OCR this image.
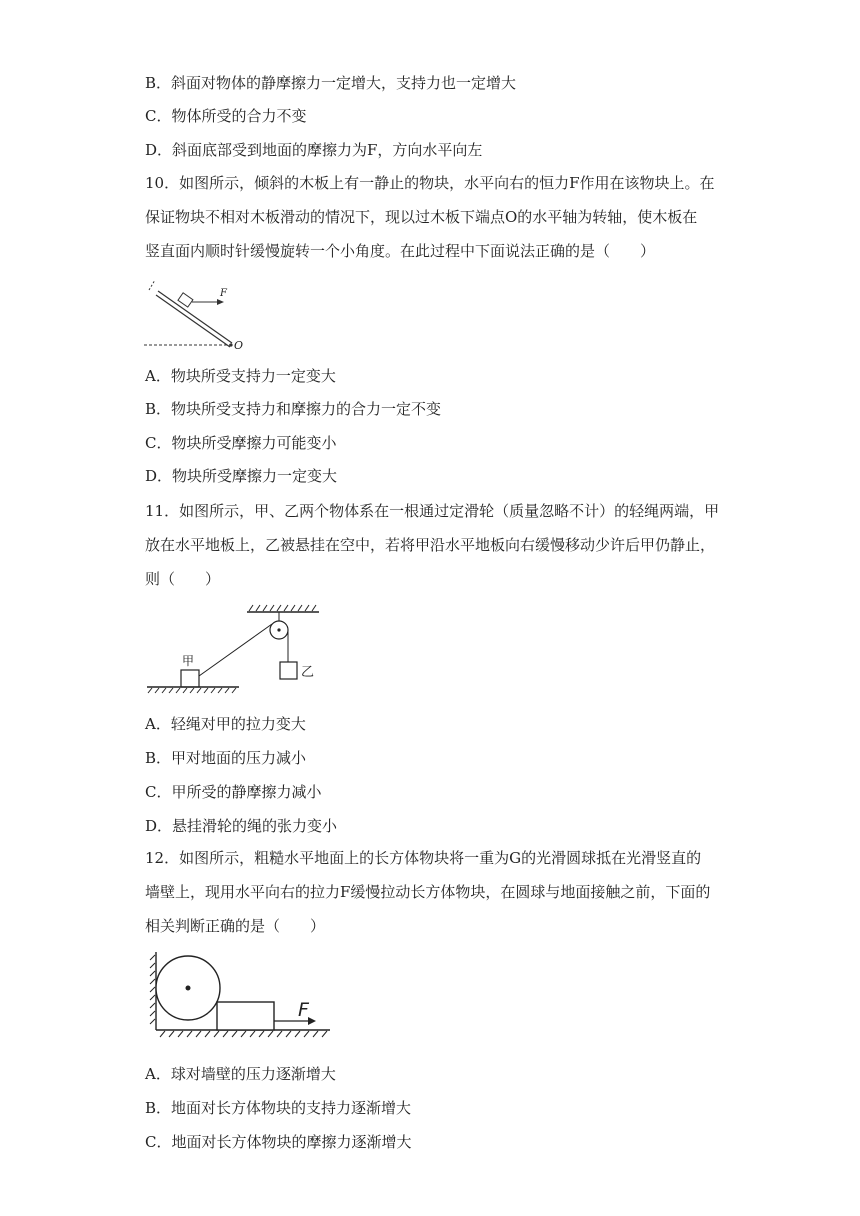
B．斜面对物体的静摩擦力一定增大，支持力也一定增大
C．物体所受的合力不变
D．斜面底部受到地面的摩擦力为F，方向水平向左
10．如图所示，倾斜的木板上有一静止的物块，水平向右的恒力F作用在该物块上。在
保证物块不相对木板滑动的情况下，现以过木板下端点O的水平轴为转轴，使木板在
竖直面内顺时针缓慢旋转一个小角度。在此过程中下面说法正确的是（　　）
F
O
A．物块所受支持力一定变大
B．物块所受支持力和摩擦力的合力一定不变
C．物块所受摩擦力可能变小
D．物块所受摩擦力一定变大
11．如图所示，甲、乙两个物体系在一根通过定滑轮（质量忽略不计）的轻绳两端，甲
放在水平地板上，乙被悬挂在空中，若将甲沿水平地板向右缓慢移动少许后甲仍静止，
则（　　）
乙
甲
A．轻绳对甲的拉力变大
B．甲对地面的压力减小
C．甲所受的静摩擦力减小
D．悬挂滑轮的绳的张力变小
12．如图所示，粗糙水平地面上的长方体物块将一重为G的光滑圆球抵在光滑竖直的
墙壁上，现用水平向右的拉力F缓慢拉动长方体物块，在圆球与地面接触之前，下面的
相关判断正确的是（　　）
F
A．球对墙壁的压力逐渐增大
B．地面对长方体物块的支持力逐渐增大
C．地面对长方体物块的摩擦力逐渐增大
